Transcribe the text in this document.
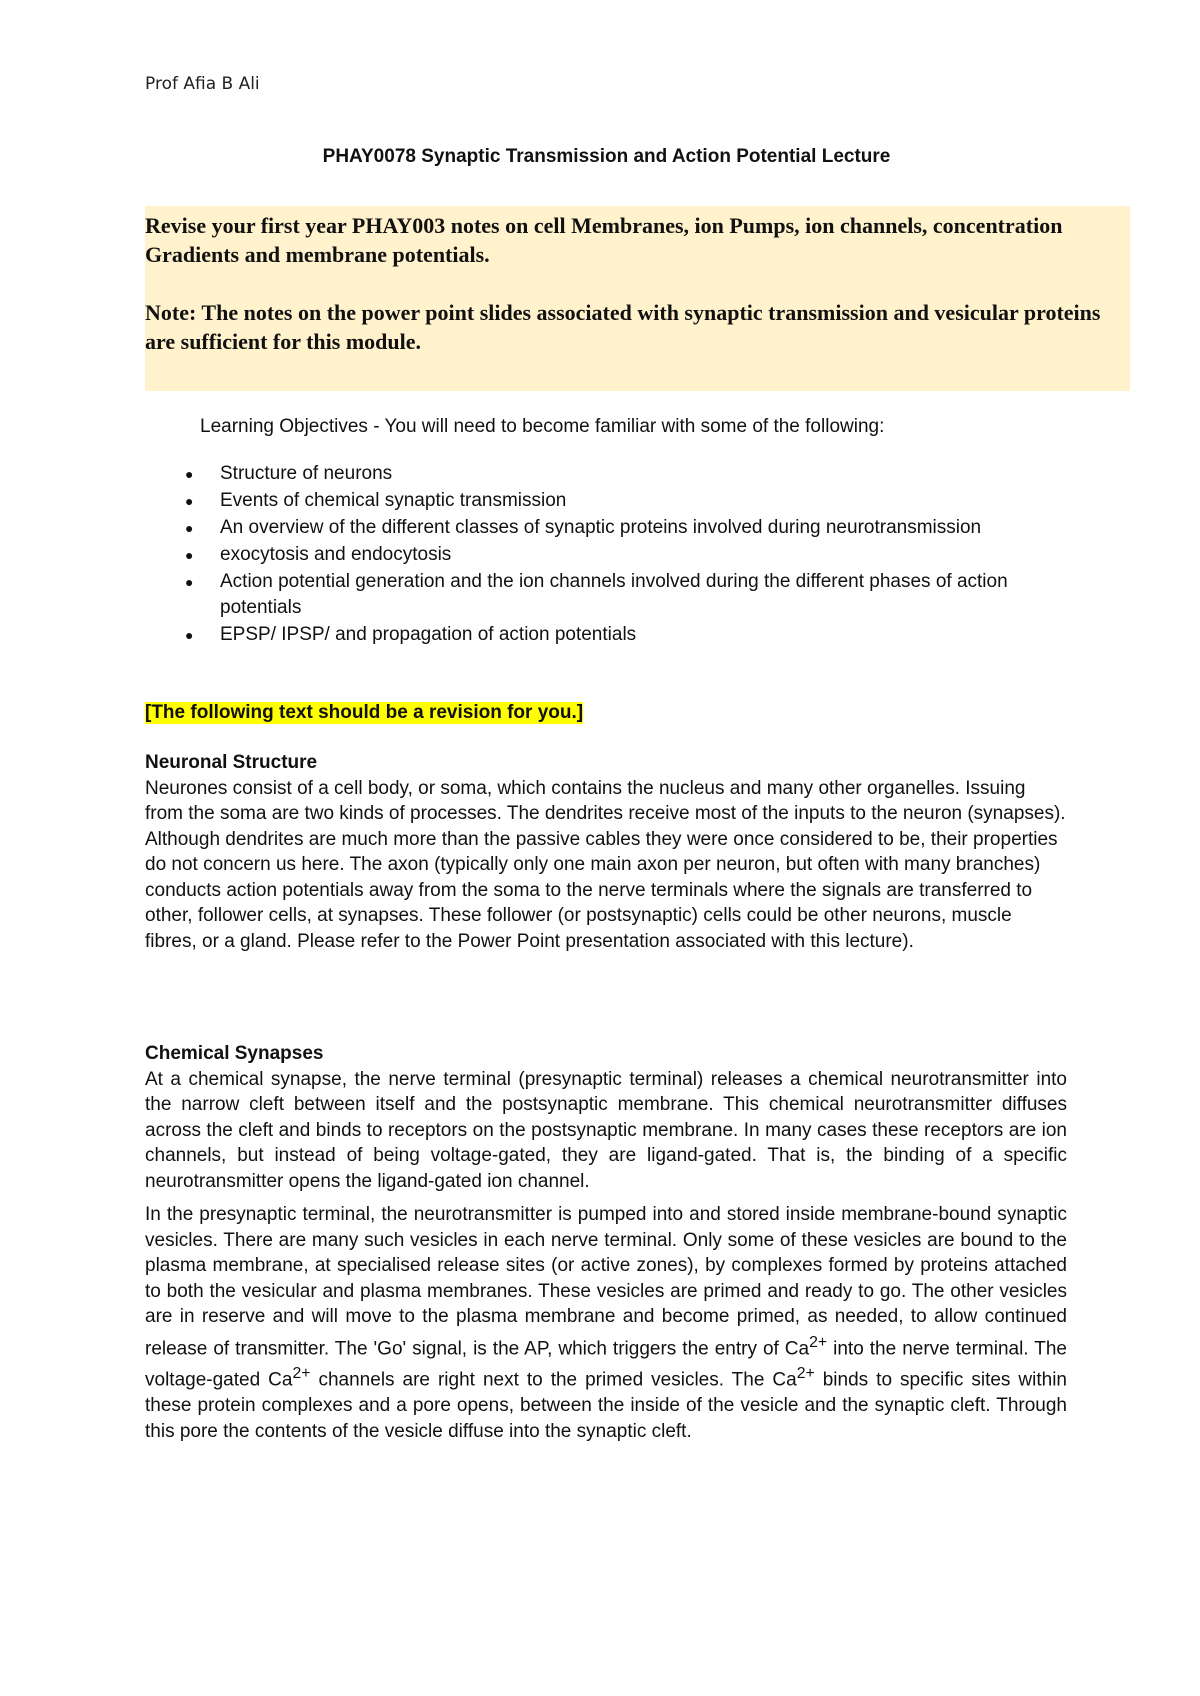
Prof Afia B Ali
PHAY0078 Synaptic Transmission and Action Potential Lecture

Revise your first year PHAY003 notes on cell Membranes, ion Pumps, ion channels, concentration Gradients and membrane potentials.

Note: The notes on the power point slides associated with synaptic transmission and vesicular proteins are sufficient for this module.

Learning Objectives - You will need to become familiar with some of the following:
● Structure of neurons
● Events of chemical synaptic transmission
● An overview of the different classes of synaptic proteins involved during neurotransmission
● exocytosis and endocytosis
● Action potential generation and the ion channels involved during the different phases of action potentials
● EPSP/ IPSP/ and propagation of action potentials
[The following text should be a revision for you.]
Neuronal Structure

Neurones consist of a cell body, or soma, which contains the nucleus and many other organelles. Issuing from the soma are two kinds of processes. The dendrites receive most of the inputs to the neuron (synapses). Although dendrites are much more than the passive cables they were once considered to be, their properties do not concern us here. The axon (typically only one main axon per neuron, but often with many branches) conducts action potentials away from the soma to the nerve terminals where the signals are transferred to other, follower cells, at synapses. These follower (or postsynaptic) cells could be other neurons, muscle fibres, or a gland. Please refer to the Power Point presentation associated with this lecture).

Chemical Synapses

At a chemical synapse, the nerve terminal (presynaptic terminal) releases a chemical neurotransmitter into the narrow cleft between itself and the postsynaptic membrane. This chemical neurotransmitter diffuses across the cleft and binds to receptors on the postsynaptic membrane. In many cases these receptors are ion channels, but instead of being voltage-gated, they are ligand-gated. That is, the binding of a specific neurotransmitter opens the ligand-gated ion channel.

In the presynaptic terminal, the neurotransmitter is pumped into and stored inside membrane-bound synaptic vesicles. There are many such vesicles in each nerve terminal. Only some of these vesicles are bound to the plasma membrane, at specialised release sites (or active zones), by complexes formed by proteins attached to both the vesicular and plasma membranes. These vesicles are primed and ready to go. The other vesicles are in reserve and will move to the plasma membrane and become primed, as needed, to allow continued release of transmitter. The 'Go' signal, is the AP, which triggers the entry of $Ca^{2+}$ into the nerve terminal. The voltage-gated $Ca^{2+}$ channels are right next to the primed vesicles. The $Ca^{2+}$ binds to specific sites within these protein complexes and a pore opens, between the inside of the vesicle and the synaptic cleft. Through this pore the contents of the vesicle diffuse into the synaptic cleft.
